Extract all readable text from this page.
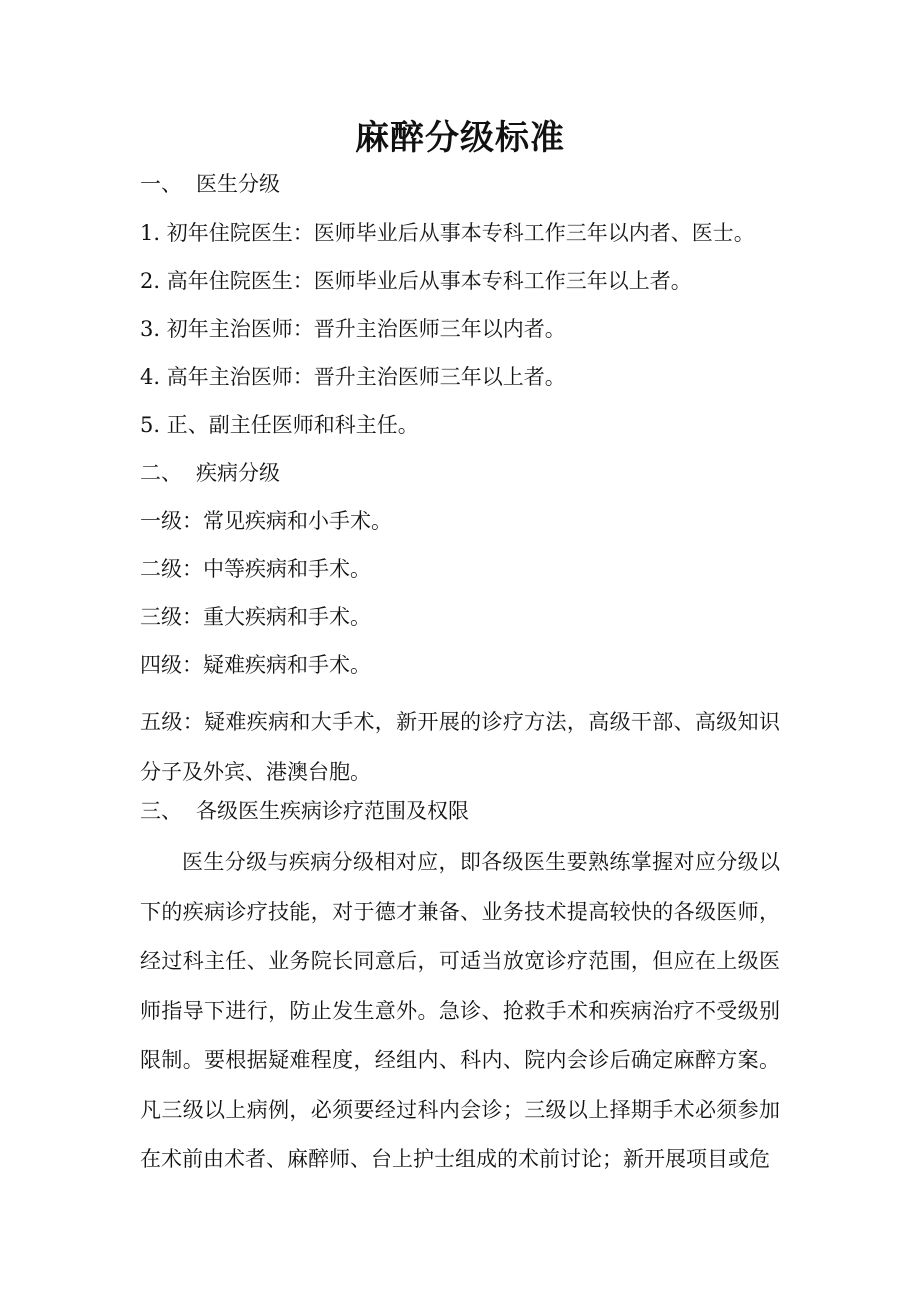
麻醉分级标准
一、 医生分级
1. 初年住院医生：医师毕业后从事本专科工作三年以内者、医士。
2. 高年住院医生：医师毕业后从事本专科工作三年以上者。
3. 初年主治医师：晋升主治医师三年以内者。
4. 高年主治医师：晋升主治医师三年以上者。
5. 正、副主任医师和科主任。
二、 疾病分级
一级：常见疾病和小手术。
二级：中等疾病和手术。
三级：重大疾病和手术。
四级：疑难疾病和手术。
五级：疑难疾病和大手术，新开展的诊疗方法，高级干部、高级知识分子及外宾、港澳台胞。
三、 各级医生疾病诊疗范围及权限
医生分级与疾病分级相对应，即各级医生要熟练掌握对应分级以下的疾病诊疗技能，对于德才兼备、业务技术提高较快的各级医师，经过科主任、业务院长同意后，可适当放宽诊疗范围，但应在上级医师指导下进行，防止发生意外。急诊、抢救手术和疾病治疗不受级别限制。要根据疑难程度，经组内、科内、院内会诊后确定麻醉方案。凡三级以上病例，必须要经过科内会诊；三级以上择期手术必须参加在术前由术者、麻醉师、台上护士组成的术前讨论；新开展项目或危
